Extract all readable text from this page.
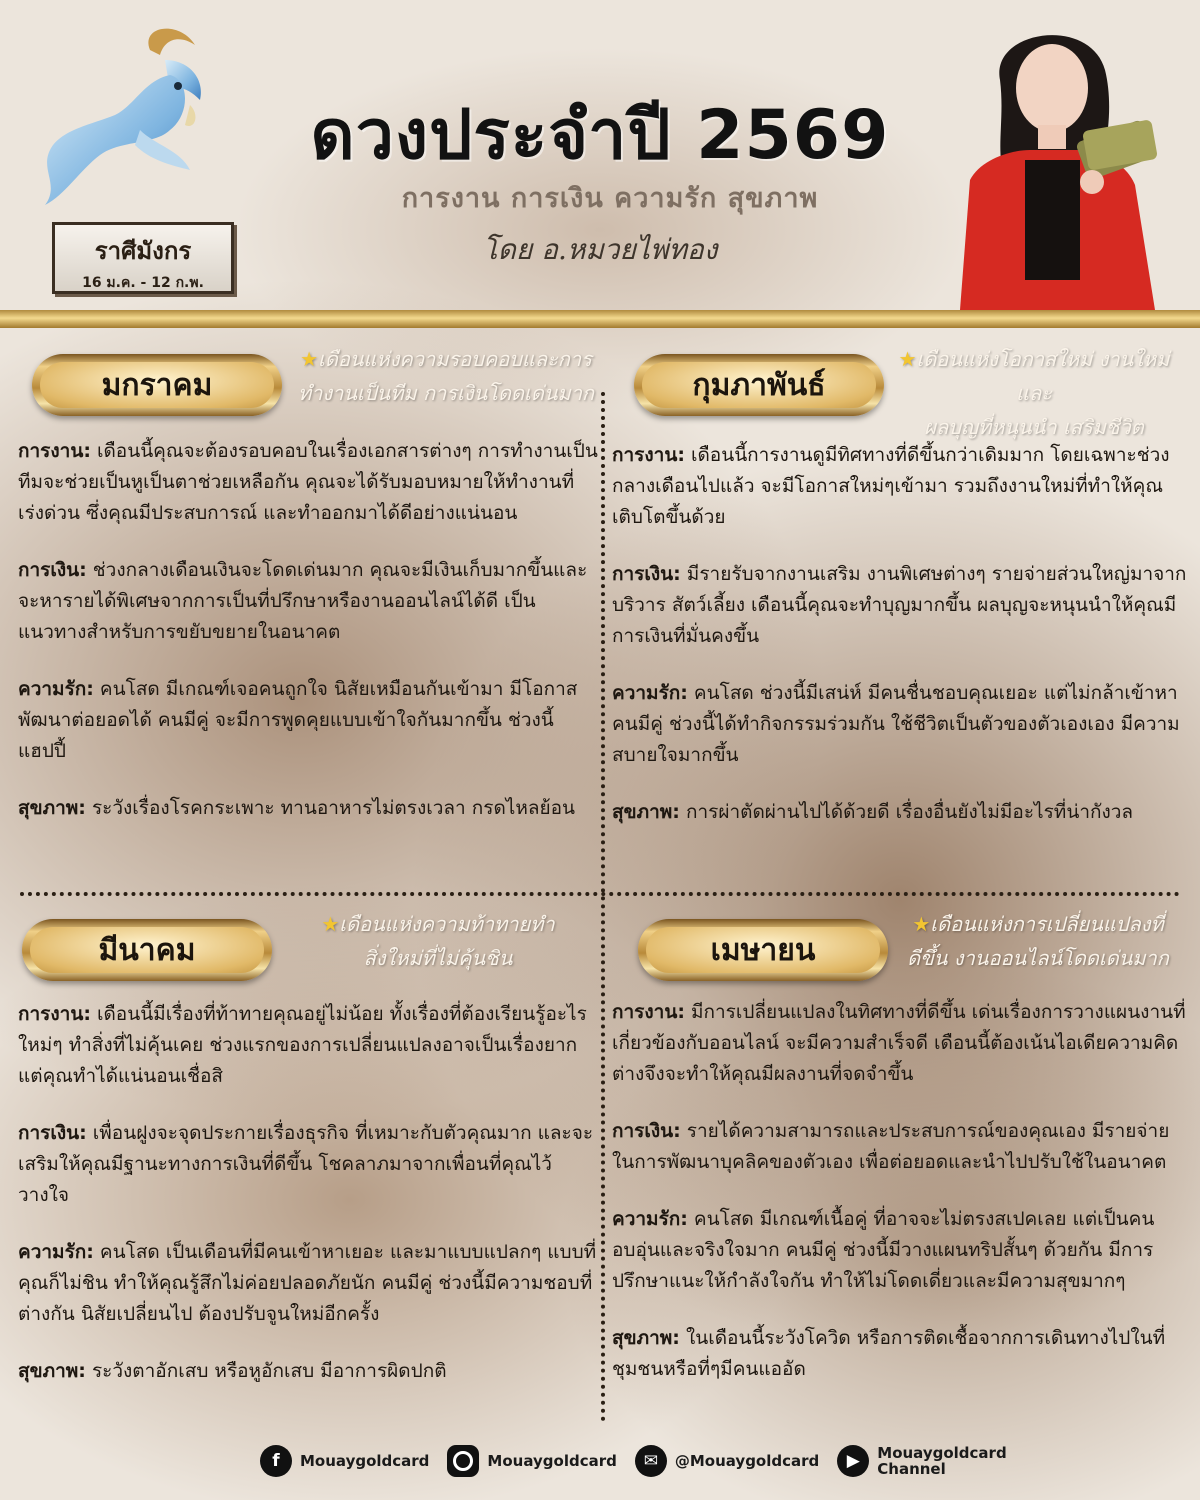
ราศีมังกร
16 ม.ค. - 12 ก.พ.
ดวงประจำปี 2569
การงาน การเงิน ความรัก สุขภาพ
โดย อ.หมวยไพ่ทอง
มกราคม
★เดือนแห่งความรอบคอบและการ
ทำงานเป็นทีม การเงินโดดเด่นมาก

การงาน: เดือนนี้คุณจะต้องรอบคอบในเรื่องเอกสารต่างๆ การทำงานเป็นทีมจะช่วยเป็นหูเป็นตาช่วยเหลือกัน คุณจะได้รับมอบหมายให้ทำงานที่เร่งด่วน ซึ่งคุณมีประสบการณ์ และทำออกมาได้ดีอย่างแน่นอน

การเงิน: ช่วงกลางเดือนเงินจะโดดเด่นมาก คุณจะมีเงินเก็บมากขึ้นและจะหารายได้พิเศษจากการเป็นที่ปรึกษาหรืองานออนไลน์ได้ดี เป็นแนวทางสำหรับการขยับขยายในอนาคต

ความรัก: คนโสด มีเกณฑ์เจอคนถูกใจ นิสัยเหมือนกันเข้ามา มีโอกาสพัฒนาต่อยอดได้ คนมีคู่ จะมีการพูดคุยแบบเข้าใจกันมากขึ้น ช่วงนี้แฮปปี้

สุขภาพ: ระวังเรื่องโรคกระเพาะ ทานอาหารไม่ตรงเวลา กรดไหลย้อน

กุมภาพันธ์
★เดือนแห่งโอกาสใหม่ งานใหม่ และ
ผลบุญที่หนุนนำ เสริมชีวิต

การงาน: เดือนนี้การงานดูมีทิศทางที่ดีขึ้นกว่าเดิมมาก โดยเฉพาะช่วงกลางเดือนไปแล้ว จะมีโอกาสใหม่ๆเข้ามา รวมถึงงานใหม่ที่ทำให้คุณเติบโตขึ้นด้วย

การเงิน: มีรายรับจากงานเสริม งานพิเศษต่างๆ รายจ่ายส่วนใหญ่มาจากบริวาร สัตว์เลี้ยง เดือนนี้คุณจะทำบุญมากขึ้น ผลบุญจะหนุนนำให้คุณมีการเงินที่มั่นคงขึ้น

ความรัก: คนโสด ช่วงนี้มีเสน่ห์ มีคนชื่นชอบคุณเยอะ แต่ไม่กล้าเข้าหา คนมีคู่ ช่วงนี้ได้ทำกิจกรรมร่วมกัน ใช้ชีวิตเป็นตัวของตัวเองเอง มีความสบายใจมากขึ้น

สุขภาพ: การผ่าตัดผ่านไปได้ด้วยดี เรื่องอื่นยังไม่มีอะไรที่น่ากังวล

มีนาคม
★เดือนแห่งความท้าทายทำ
สิ่งใหม่ที่ไม่คุ้นชิน

การงาน: เดือนนี้มีเรื่องที่ท้าทายคุณอยู่ไม่น้อย ทั้งเรื่องที่ต้องเรียนรู้อะไรใหม่ๆ ทำสิ่งที่ไม่คุ้นเคย ช่วงแรกของการเปลี่ยนแปลงอาจเป็นเรื่องยาก แต่คุณทำได้แน่นอนเชื่อสิ

การเงิน: เพื่อนฝูงจะจุดประกายเรื่องธุรกิจ ที่เหมาะกับตัวคุณมาก และจะเสริมให้คุณมีฐานะทางการเงินที่ดีขึ้น โชคลาภมาจากเพื่อนที่คุณไว้วางใจ

ความรัก: คนโสด เป็นเดือนที่มีคนเข้าหาเยอะ และมาแบบแปลกๆ แบบที่คุณก็ไม่ชิน ทำให้คุณรู้สึกไม่ค่อยปลอดภัยนัก คนมีคู่ ช่วงนี้มีความชอบที่ต่างกัน นิสัยเปลี่ยนไป ต้องปรับจูนใหม่อีกครั้ง

สุขภาพ: ระวังตาอักเสบ หรือหูอักเสบ มีอาการผิดปกติ

เมษายน
★เดือนแห่งการเปลี่ยนแปลงที่
ดีขึ้น งานออนไลน์โดดเด่นมาก

การงาน: มีการเปลี่ยนแปลงในทิศทางที่ดีขึ้น เด่นเรื่องการวางแผนงานที่เกี่ยวข้องกับออนไลน์ จะมีความสำเร็จดี เดือนนี้ต้องเน้นไอเดียความคิดต่างจึงจะทำให้คุณมีผลงานที่จดจำขึ้น

การเงิน: รายได้ความสามารถและประสบการณ์ของคุณเอง มีรายจ่ายในการพัฒนาบุคลิคของตัวเอง เพื่อต่อยอดและนำไปปรับใช้ในอนาคต

ความรัก: คนโสด มีเกณฑ์เนื้อคู่ ที่อาจจะไม่ตรงสเปคเลย แต่เป็นคนอบอุ่นและจริงใจมาก คนมีคู่ ช่วงนี้มีวางแผนทริปสั้นๆ ด้วยกัน มีการปรึกษาแนะให้กำลังใจกัน ทำให้ไม่โดดเดี่ยวและมีความสุขมากๆ

สุขภาพ: ในเดือนนี้ระวังโควิด หรือการติดเชื้อจากการเดินทางไปในที่ชุมชนหรือที่ๆมีคนแออัด

f	Mouaygoldcard	Mouaygoldcard	✉	@Mouaygoldcard	▶	Mouaygoldcard
Channel
